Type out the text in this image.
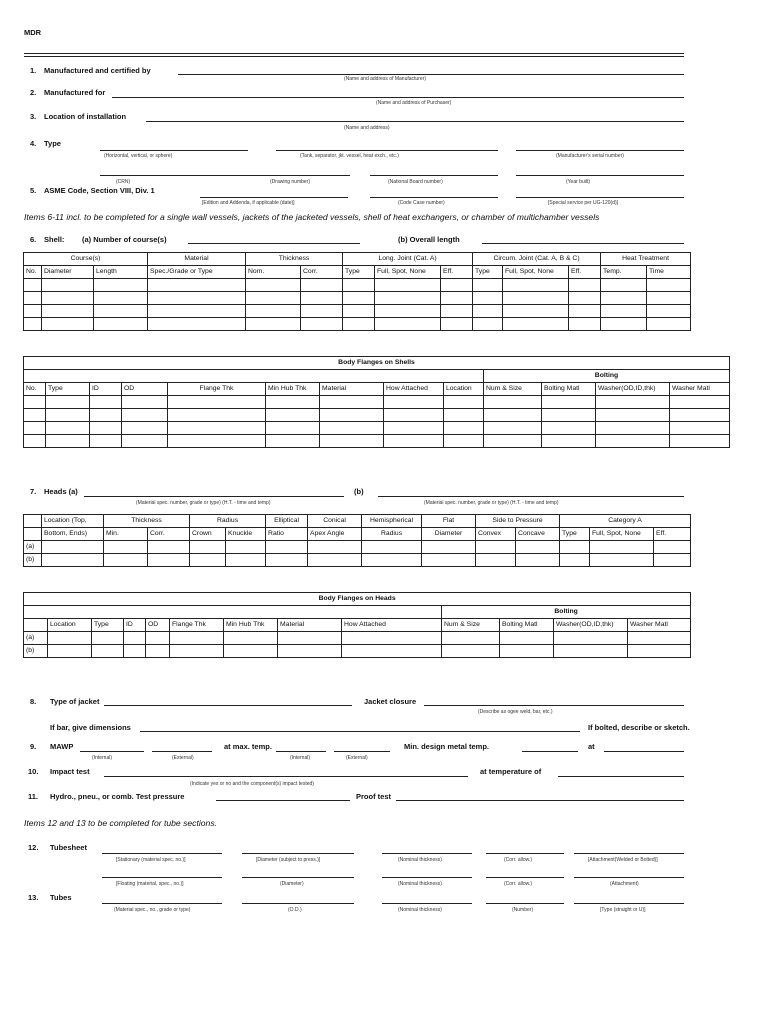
MDR
1. Manufactured and certified by
(Name and address of Manufacturer)
2. Manufactured for
(Name and address of Purchaser)
3. Location of installation
(Name and address)
4. Type
(Horizontal, vertical, or sphere)	(Tank, separator, jkt. vessel, heat exch., etc.)	(Manufacturer's serial number)
(CRN)	(Drawing number)	(National Board number)	(Year built)
5. ASME Code, Section VIII, Div. 1
[Edition and Addenda, if applicable (date)]	(Code Case number)	[Special service per UG-120(d)]
Items 6-11 incl. to be completed for a single wall vessels, jackets of the jacketed vessels, shell of heat exchangers, or chamber of multichamber vessels
6. Shell: (a) Number of course(s)	(b) Overall length
Course(s)			Material	Thickness		Long. Joint (Cat. A)			Circum. Joint (Cat. A, B & C)			Heat Treatment	
No.	Diameter	Length	Spec./Grade or Type	Nom.	Corr.	Type	Full, Spot, None	Eff.	Type	Full, Spot, None	Eff.	Temp.	Time

Body Flanges on Shells												
									Bolting			
No.	Type	ID	OD	Flange Thk	Min Hub Thk	Material	How Attached	Location	Num & Size	Bolting Matl	Washer(OD,ID,thk)	Washer Matl

7. Heads (a)	(b)
(Material spec. number, grade or type) (H.T. - time and temp)	(Material spec. number, grade or type) (H.T. - time and temp)
	Location (Top,	Thickness		Radius		Elliptical	Conical	Hemispherical	Flat	Side to Pressure		Category A		
	Bottom, Ends)	Min.	Corr.	Crown	Knuckle	Ratio	Apex Angle	Radius	Diameter	Convex	Concave	Type	Full, Spot, None	Eff.
(a)														
(b)														
Body Flanges on Heads												
									Bolting			
	Location	Type	ID	OD	Flange Thk	Min Hub Thk	Material	How Attached	Num & Size	Bolting Matl	Washer(OD,ID,thk)	Washer Matl
(a)												
(b)												
8. Type of jacket	Jacket closure
(Describe as ogee weld, bar, etc.)
If bar, give dimensions	If bolted, describe or sketch.
9. MAWP
(Internal)	(External)
at max. temp.
(Internal)	(External)
Min. design metal temp.	at
10. Impact test
(Indicate yes or no and the component(s) impact tested)
at temperature of
11. Hydro., pneu., or comb. Test pressure	Proof test
Items 12 and 13 to be completed for tube sections.
12. Tubesheet
[Stationary (material spec. no.)]	[Diameter (subject to press.)]	(Nominal thickness)	(Corr. allow.)	[Attachment(Welded or Bolted)]
[Floating (material, spec., no.)]	(Diameter)	(Nominal thickness)	(Corr. allow.)	(Attachment)
13. Tubes
(Material spec., no., grade or type)	(O.D.)	(Nominal thickness)	(Number)	[Type (straight or U)]
